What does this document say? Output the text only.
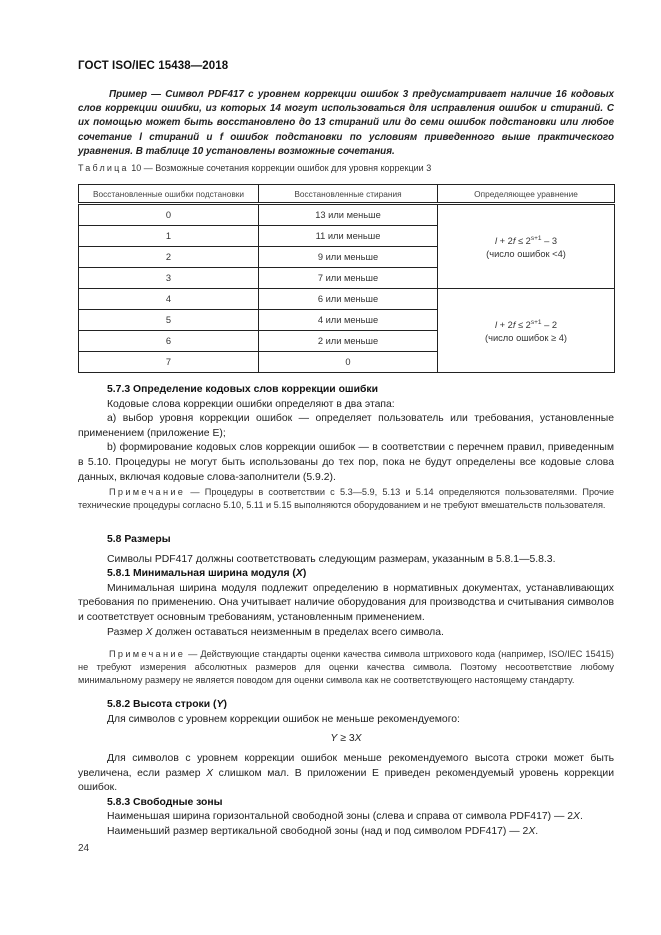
ГОСТ ISO/IEC 15438—2018

Пример — Символ PDF417 с уровнем коррекции ошибок 3 предусматривает наличие 16 кодовых слов коррекции ошибки, из которых 14 могут использоваться для исправления ошибок и стираний. С их помощью может быть восстановлено до 13 стираний или до семи ошибок подстановки или любое сочетание l стираний и f ошибок подстановки по условиям приведенного выше практического уравнения. В таблице 10 установлены возможные сочетания.

Таблица 10 — Возможные сочетания коррекции ошибок для уровня коррекции 3
Восстановленные ошибки подстановки	Восстановленные стирания	Определяющее уравнение
0	13 или меньше	$l + 2f \le 2^{s+1} - 3$
(число ошибок <4)

1	11 или меньше	
2	9 или меньше	
3	7 или меньше	
4	6 или меньше	$l + 2f \le 2^{s+1} - 2$
(число ошибок ≥ 4)

5	4 или меньше	
6	2 или меньше	
7	0	

5.7.3 Определение кодовых слов коррекции ошибки

Кодовые слова коррекции ошибки определяют в два этапа:

a) выбор уровня коррекции ошибок — определяет пользователь или требования, установленные применением (приложение Е);

b) формирование кодовых слов коррекции ошибок — в соответствии с перечнем правил, приведенным в 5.10. Процедуры не могут быть использованы до тех пор, пока не будут определены все кодовые слова данных, включая кодовые слова-заполнители (5.9.2).

Примечание — Процедуры в соответствии с 5.3—5.9, 5.13 и 5.14 определяются пользователями. Прочие технические процедуры согласно 5.10, 5.11 и 5.15 выполняются оборудованием и не требуют вмешательств пользователя.

5.8 Размеры

Символы PDF417 должны соответствовать следующим размерам, указанным в 5.8.1—5.8.3.

5.8.1 Минимальная ширина модуля (X)

Минимальная ширина модуля подлежит определению в нормативных документах, устанавливающих требования по применению. Она учитывает наличие оборудования для производства и считывания символов и соответствует основным требованиям, установленным применением.

Размер X должен оставаться неизменным в пределах всего символа.

Примечание — Действующие стандарты оценки качества символа штрихового кода (например, ISO/IEC 15415) не требуют измерения абсолютных размеров для оценки качества символа. Поэтому несоответствие любому минимальному размеру не является поводом для оценки символа как не соответствующего настоящему стандарту.

5.8.2 Высота строки (Y)

Для символов с уровнем коррекции ошибок не меньше рекомендуемого:

Y ≥ 3X

Для символов с уровнем коррекции ошибок меньше рекомендуемого высота строки может быть увеличена, если размер X слишком мал. В приложении Е приведен рекомендуемый уровень коррекции ошибок.

5.8.3 Свободные зоны

Наименьшая ширина горизонтальной свободной зоны (слева и справа от символа PDF417) — 2X.

Наименьший размер вертикальной свободной зоны (над и под символом PDF417) — 2X.

24
